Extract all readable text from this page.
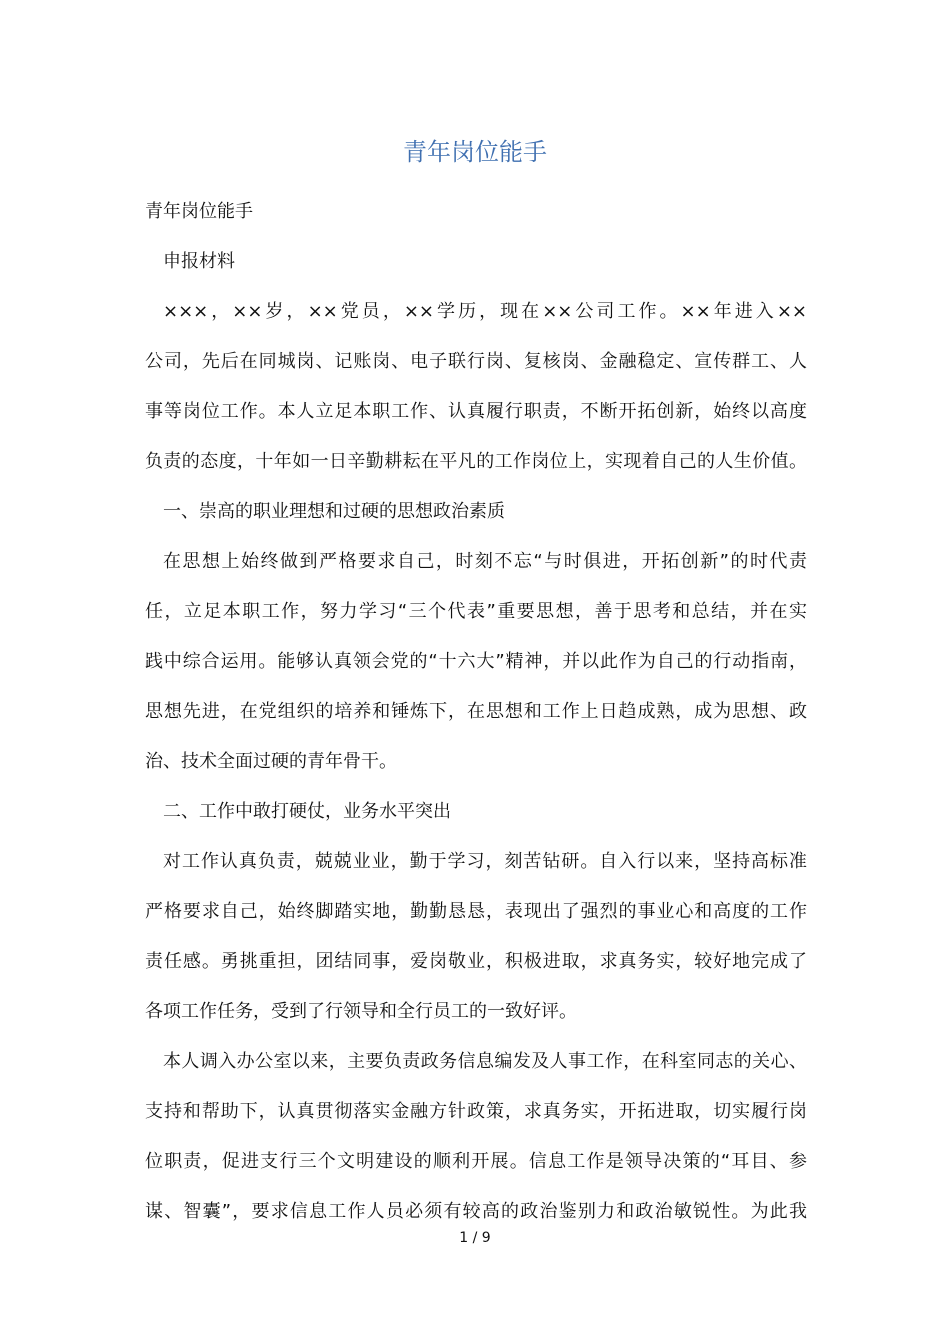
青年岗位能手
青年岗位能手
申报材料
×××，××岁，××党员，××学历，现在××公司工作。××年进入××
公司，先后在同城岗、记账岗、电子联行岗、复核岗、金融稳定、宣传群工、人
事等岗位工作。本人立足本职工作、认真履行职责，不断开拓创新，始终以高度
负责的态度，十年如一日辛勤耕耘在平凡的工作岗位上，实现着自己的人生价值。
一、崇高的职业理想和过硬的思想政治素质
在思想上始终做到严格要求自己，时刻不忘“与时俱进，开拓创新”的时代责
任，立足本职工作，努力学习“三个代表”重要思想，善于思考和总结，并在实
践中综合运用。能够认真领会党的“十六大”精神，并以此作为自己的行动指南，
思想先进，在党组织的培养和锤炼下，在思想和工作上日趋成熟，成为思想、政
治、技术全面过硬的青年骨干。
二、工作中敢打硬仗，业务水平突出
对工作认真负责，兢兢业业，勤于学习，刻苦钻研。自入行以来，坚持高标准
严格要求自己，始终脚踏实地，勤勤恳恳，表现出了强烈的事业心和高度的工作
责任感。勇挑重担，团结同事，爱岗敬业，积极进取，求真务实，较好地完成了
各项工作任务，受到了行领导和全行员工的一致好评。
本人调入办公室以来，主要负责政务信息编发及人事工作，在科室同志的关心、
支持和帮助下，认真贯彻落实金融方针政策，求真务实，开拓进取，切实履行岗
位职责，促进支行三个文明建设的顺利开展。信息工作是领导决策的“耳目、参
谋、智囊”，要求信息工作人员必须有较高的政治鉴别力和政治敏锐性。为此我
1 / 9
